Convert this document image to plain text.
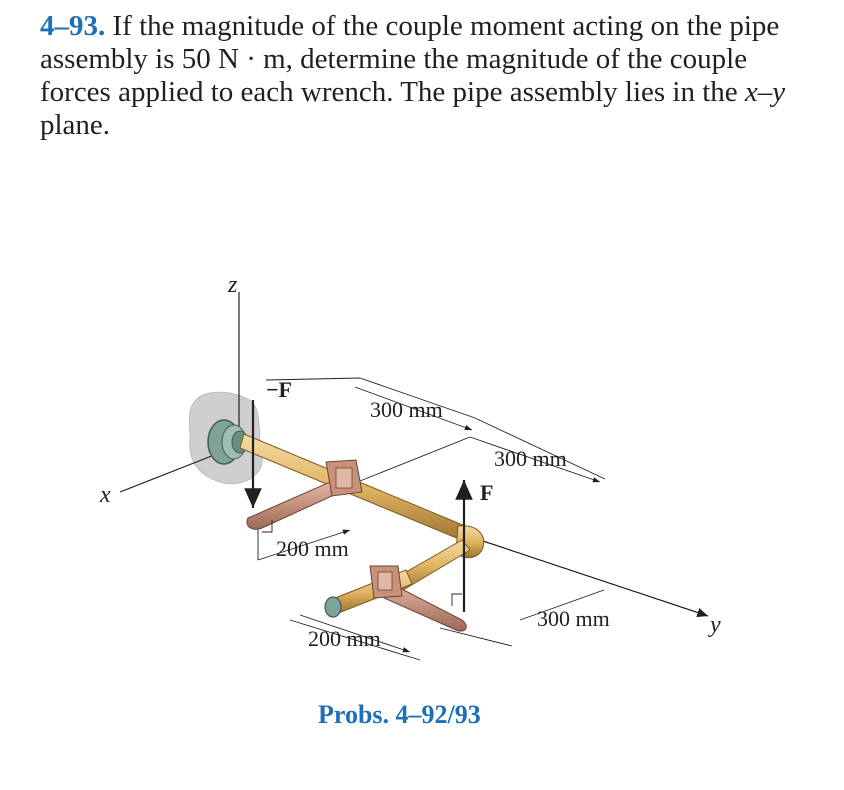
4–93. If the magnitude of the couple moment acting on the pipe assembly is 50 N · m, determine the magnitude of the couple forces applied to each wrench. The pipe assembly lies in the x–y plane.
z
x
y
−F
F
300 mm
300 mm
200 mm
200 mm
300 mm
Probs. 4–92/93
